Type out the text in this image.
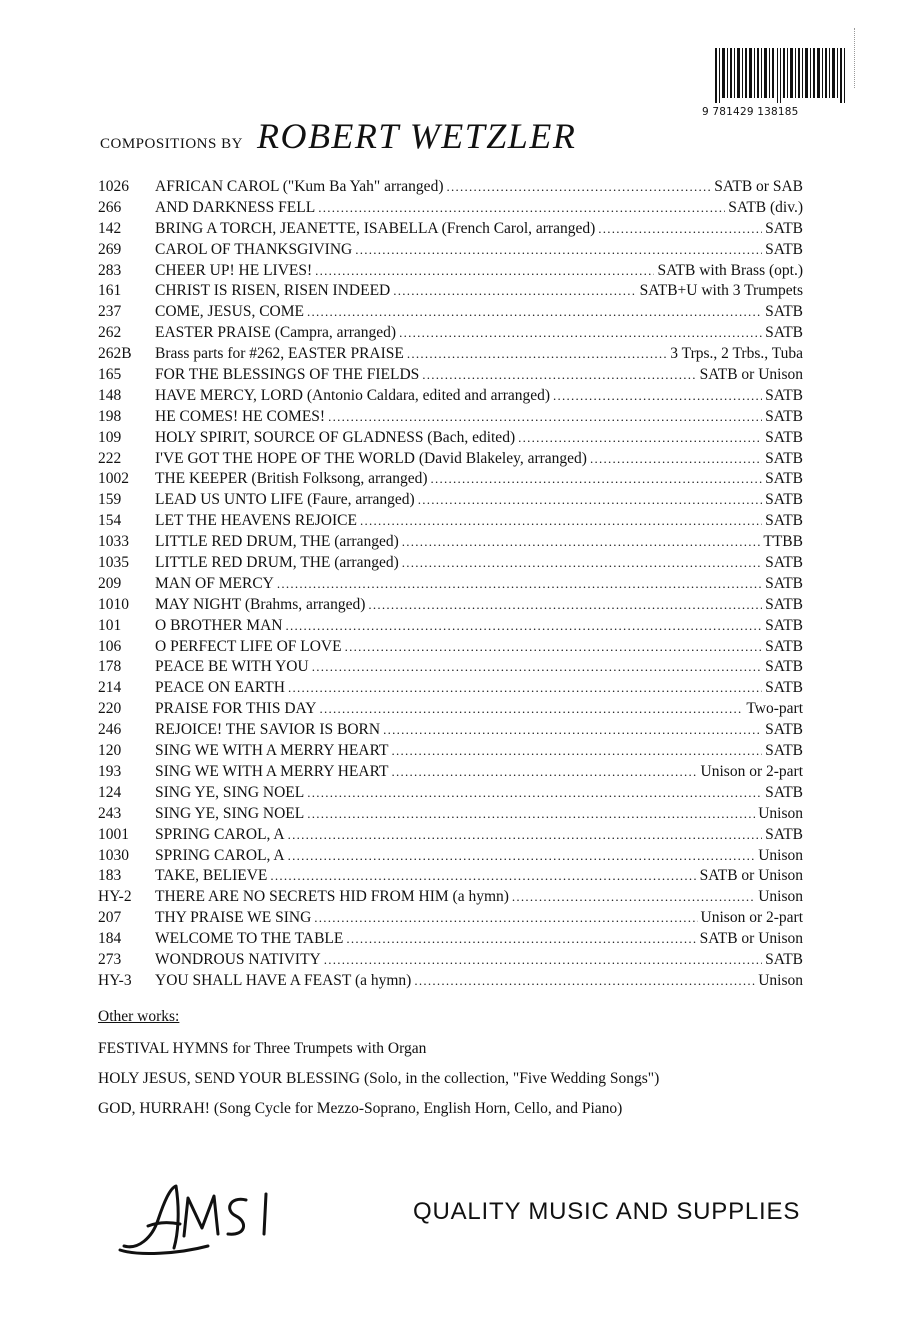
9 781429 138185
COMPOSITIONS BY ROBERT WETZLER
1026	AFRICAN CAROL ("Kum Ba Yah" arranged) . . .	SATB or SAB
266	AND DARKNESS FELL . . .	SATB (div.)
142	BRING A TORCH, JEANETTE, ISABELLA (French Carol, arranged) . . .	SATB
269	CAROL OF THANKSGIVING . . .	SATB
283	CHEER UP! HE LIVES! . . .	SATB with Brass (opt.)
161	CHRIST IS RISEN, RISEN INDEED . . .	SATB+U with 3 Trumpets
237	COME, JESUS, COME . . .	SATB
262	EASTER PRAISE (Campra, arranged) . . .	SATB
262B	Brass parts for #262, EASTER PRAISE . . .	3 Trps., 2 Trbs., Tuba
165	FOR THE BLESSINGS OF THE FIELDS . . .	SATB or Unison
148	HAVE MERCY, LORD (Antonio Caldara, edited and arranged) . . .	SATB
198	HE COMES! HE COMES! . . .	SATB
109	HOLY SPIRIT, SOURCE OF GLADNESS (Bach, edited) . . .	SATB
222	I'VE GOT THE HOPE OF THE WORLD (David Blakeley, arranged) . . .	SATB
1002	THE KEEPER (British Folksong, arranged) . . .	SATB
159	LEAD US UNTO LIFE (Faure, arranged) . . .	SATB
154	LET THE HEAVENS REJOICE . . .	SATB
1033	LITTLE RED DRUM, THE (arranged) . . .	TTBB
1035	LITTLE RED DRUM, THE (arranged) . . .	SATB
209	MAN OF MERCY . . .	SATB
1010	MAY NIGHT (Brahms, arranged) . . .	SATB
101	O BROTHER MAN . . .	SATB
106	O PERFECT LIFE OF LOVE . . .	SATB
178	PEACE BE WITH YOU . . .	SATB
214	PEACE ON EARTH . . .	SATB
220	PRAISE FOR THIS DAY . . .	Two-part
246	REJOICE! THE SAVIOR IS BORN . . .	SATB
120	SING WE WITH A MERRY HEART . . .	SATB
193	SING WE WITH A MERRY HEART . . .	Unison or 2-part
124	SING YE, SING NOEL . . .	SATB
243	SING YE, SING NOEL . . .	Unison
1001	SPRING CAROL, A . . .	SATB
1030	SPRING CAROL, A . . .	Unison
183	TAKE, BELIEVE . . .	SATB or Unison
HY-2	THERE ARE NO SECRETS HID FROM HIM (a hymn) . . .	Unison
207	THY PRAISE WE SING . . .	Unison or 2-part
184	WELCOME TO THE TABLE . . .	SATB or Unison
273	WONDROUS NATIVITY . . .	SATB
HY-3	YOU SHALL HAVE A FEAST (a hymn) . . .	Unison
Other works:
FESTIVAL HYMNS for Three Trumpets with Organ
HOLY JESUS, SEND YOUR BLESSING (Solo, in the collection, "Five Wedding Songs")
GOD, HURRAH! (Song Cycle for Mezzo-Soprano, English Horn, Cello, and Piano)
QUALITY MUSIC AND SUPPLIES
